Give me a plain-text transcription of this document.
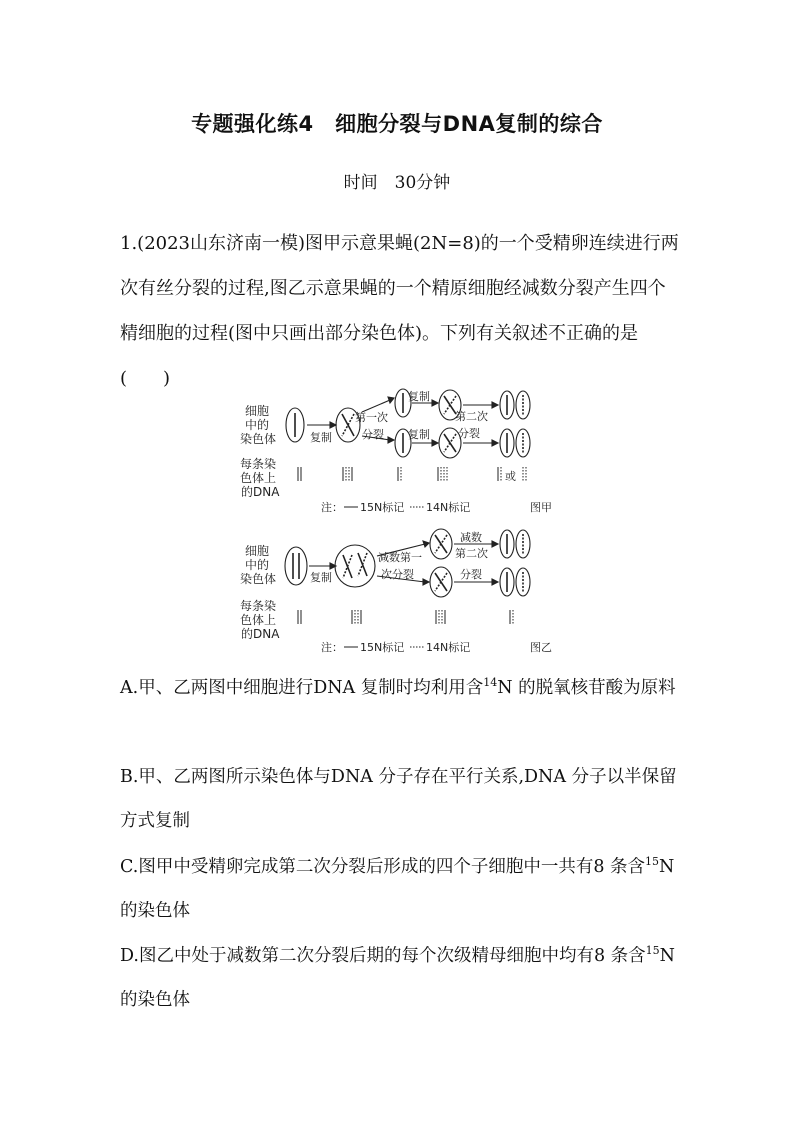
专题强化练4　细胞分裂与DNA复制的综合
时间　30分钟
1.(2023山东济南一模)图甲示意果蝇(2N=8)的一个受精卵连续进行两次有丝分裂的过程,图乙示意果蝇的一个精原细胞经减数分裂产生四个精细胞的过程(图中只画出部分染色体)。下列有关叙述不正确的是
(　　)
细胞
中的
染色体
每条染
色体上
的DNA
复制
第一次
分裂
复制
复制
第二次
分裂
或
注： 15N标记 14N标记	图甲
细胞
中的
染色体
每条染
色体上
的DNA
复制
减数第一
次分裂
减数
第二次
分裂
注： 15N标记 14N标记	图乙
A.甲、乙两图中细胞进行DNA 复制时均利用含$^{14}$N 的脱氧核苷酸为原料
B.甲、乙两图所示染色体与DNA 分子存在平行关系,DNA 分子以半保留方式复制
C.图甲中受精卵完成第二次分裂后形成的四个子细胞中一共有8 条含$^{15}$N 的染色体
D.图乙中处于减数第二次分裂后期的每个次级精母细胞中均有8 条含$^{15}$N 的染色体
